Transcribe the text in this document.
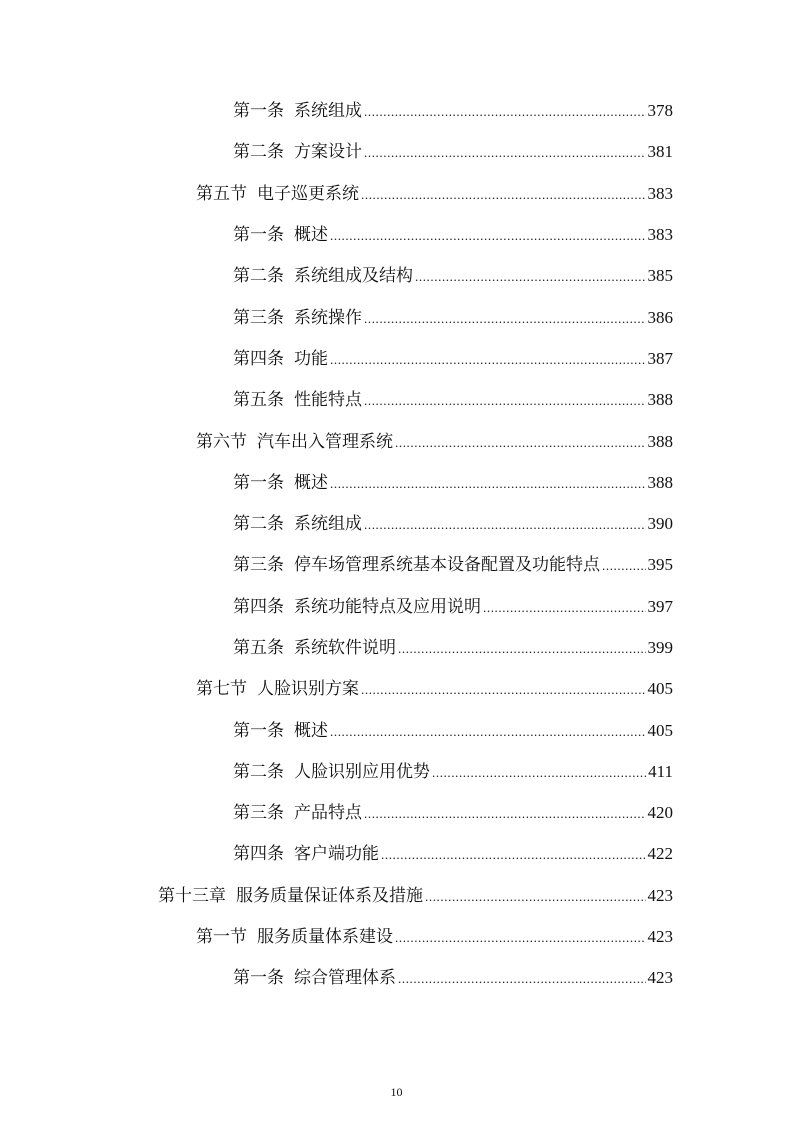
第一条 系统组成 .....	378
第二条 方案设计 .....	381
第五节 电子巡更系统 .....	383
第一条 概述 .....	383
第二条 系统组成及结构 .....	385
第三条 系统操作 .....	386
第四条 功能 .....	387
第五条 性能特点 .....	388
第六节 汽车出入管理系统 .....	388
第一条 概述 .....	388
第二条 系统组成 .....	390
第三条 停车场管理系统基本设备配置及功能特点 .....	395
第四条 系统功能特点及应用说明 .....	397
第五条 系统软件说明 .....	399
第七节 人脸识别方案 .....	405
第一条 概述 .....	405
第二条 人脸识别应用优势 .....	411
第三条 产品特点 .....	420
第四条 客户端功能 .....	422
第十三章 服务质量保证体系及措施 .....	423
第一节 服务质量体系建设 .....	423
第一条 综合管理体系 .....	423
10
